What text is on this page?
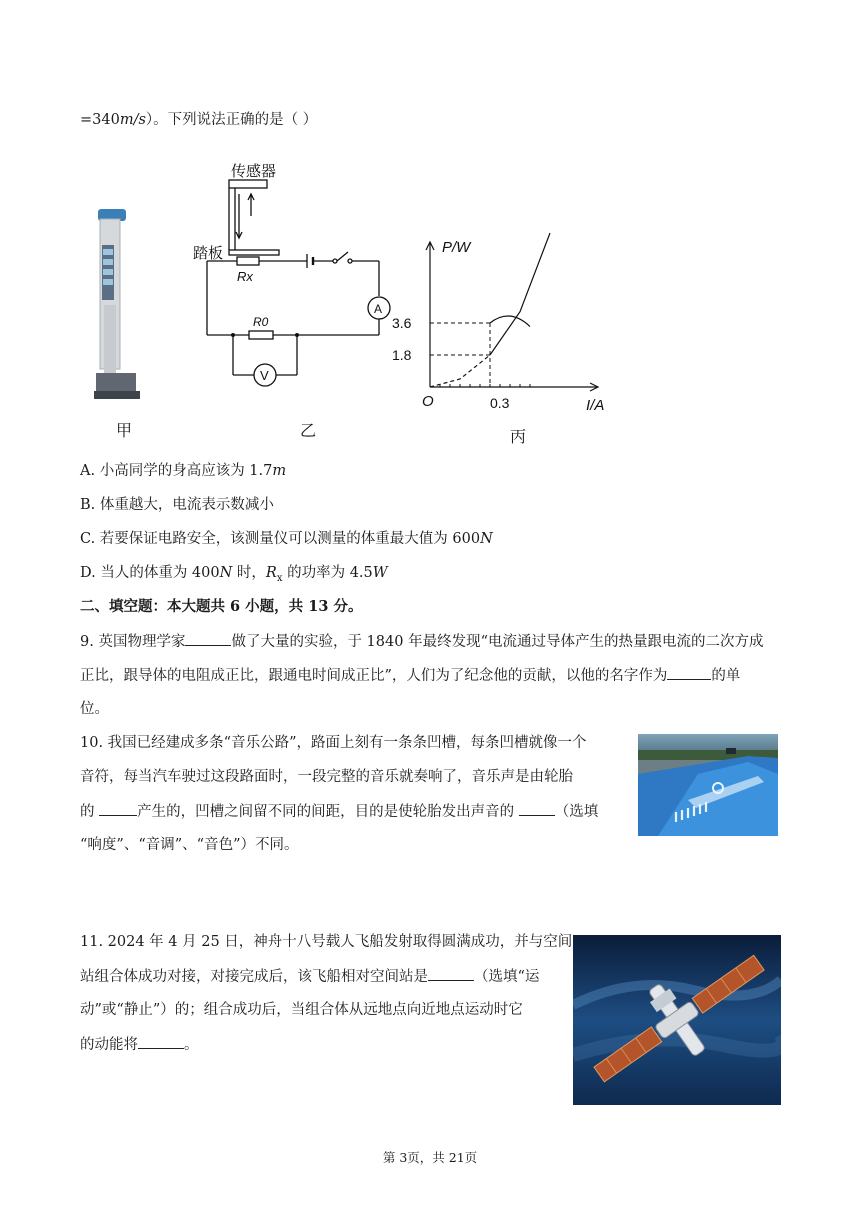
=340m/s）。下列说法正确的是（ ）
甲
传感器
踏板
Rx
R0
A
V
乙
P/W
I/A
O
3.6
1.8
0.3
丙
A. 小高同学的身高应该为 1.7m
B. 体重越大，电流表示数减小
C. 若要保证电路安全，该测量仪可以测量的体重最大值为 600N
D. 当人的体重为 400N 时，$R_x$ 的功率为 4.5W
二、填空题：本大题共 6 小题，共 13 分。
9. 英国物理学家	做了大量的实验，于 1840 年最终发现“电流通过导体产生的热量跟电流的二次方成
正比，跟导体的电阻成正比，跟通电时间成正比”，人们为了纪念他的贡献，以他的名字作为	的单
位。
10. 我国已经建成多条“音乐公路”，路面上刻有一条条凹槽，每条凹槽就像一个
音符，每当汽车驶过这段路面时，一段完整的音乐就奏响了，音乐声是由轮胎
的	产生的，凹槽之间留不同的间距，目的是使轮胎发出声音的 （选填
“响度”、“音调”、“音色”）不同。
11. 2024 年 4 月 25 日，神舟十八号载人飞船发射取得圆满成功，并与空间
站组合体成功对接，对接完成后，该飞船相对空间站是	（选填“运
动”或“静止”）的；组合成功后，当组合体从远地点向近地点运动时它
的动能将	。
第 3页，共 21页
